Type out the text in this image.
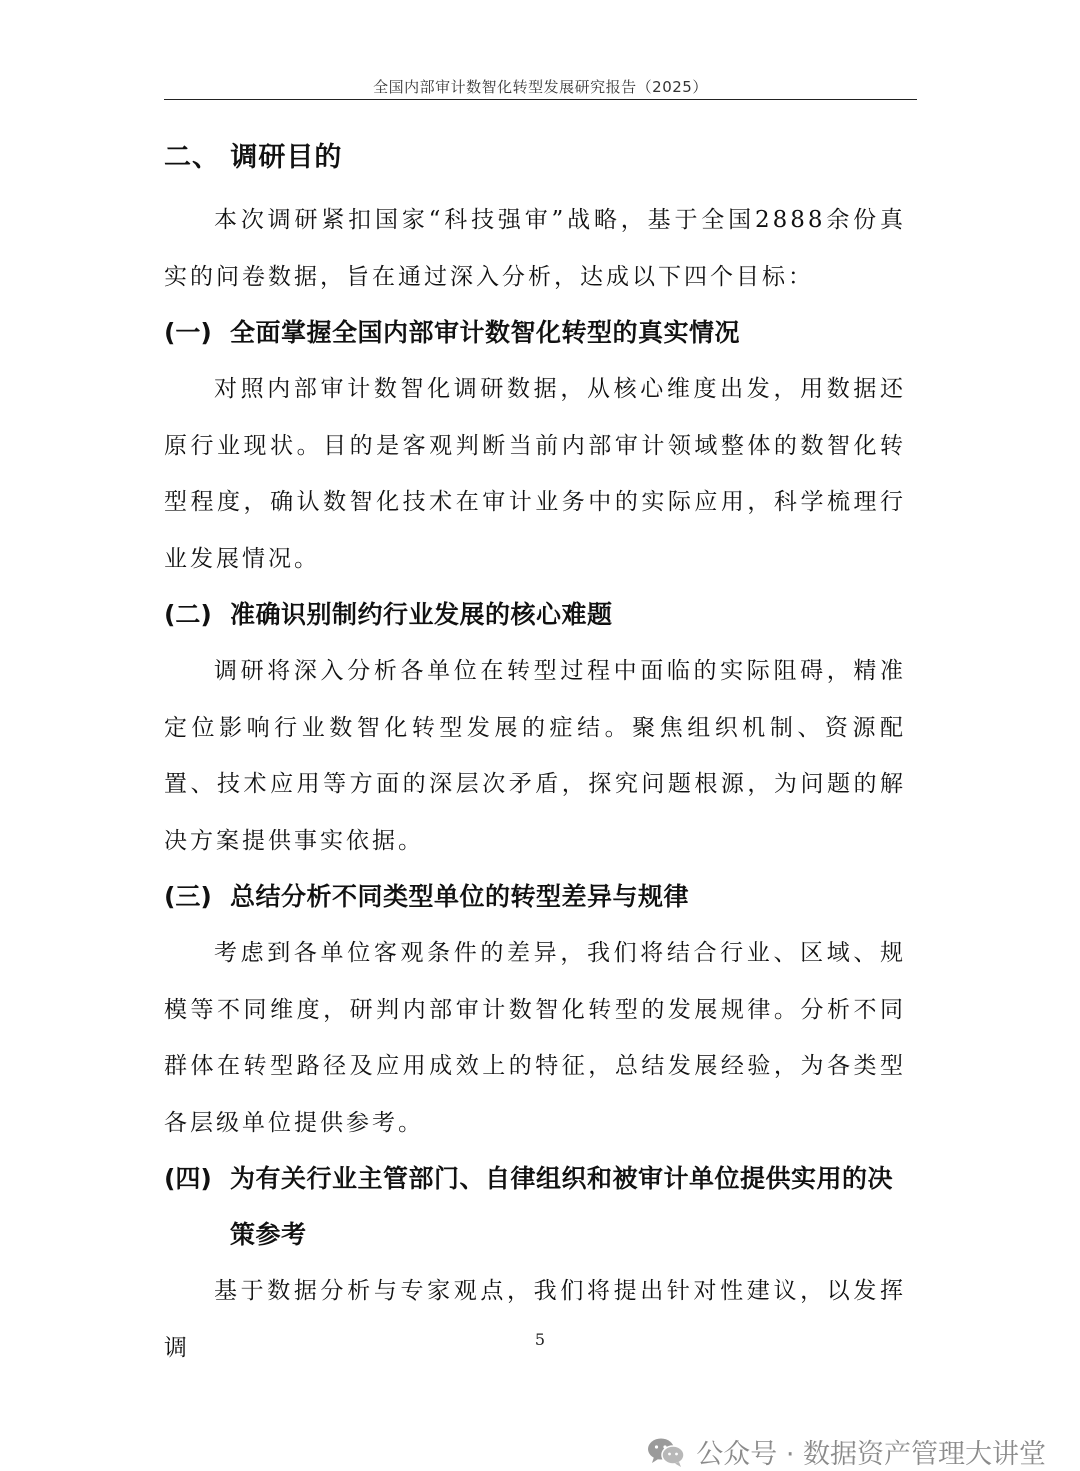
全国内部审计数智化转型发展研究报告（2025）
二、 调研目的

本次调研紧扣国家“科技强审”战略，基于全国2888余份真实的问卷数据，旨在通过深入分析，达成以下四个目标：

(一) 全面掌握全国内部审计数智化转型的真实情况

对照内部审计数智化调研数据，从核心维度出发，用数据还原行业现状。目的是客观判断当前内部审计领域整体的数智化转型程度，确认数智化技术在审计业务中的实际应用，科学梳理行业发展情况。

(二) 准确识别制约行业发展的核心难题

调研将深入分析各单位在转型过程中面临的实际阻碍，精准定位影响行业数智化转型发展的症结。聚焦组织机制、资源配置、技术应用等方面的深层次矛盾，探究问题根源，为问题的解决方案提供事实依据。

(三) 总结分析不同类型单位的转型差异与规律

考虑到各单位客观条件的差异，我们将结合行业、区域、规模等不同维度，研判内部审计数智化转型的发展规律。分析不同群体在转型路径及应用成效上的特征，总结发展经验，为各类型各层级单位提供参考。

(四) 为有关行业主管部门、自律组织和被审计单位提供实用的决策参考

基于数据分析与专家观点，我们将提出针对性建议，以发挥调	5
公众号 · 数据资产管理大讲堂
